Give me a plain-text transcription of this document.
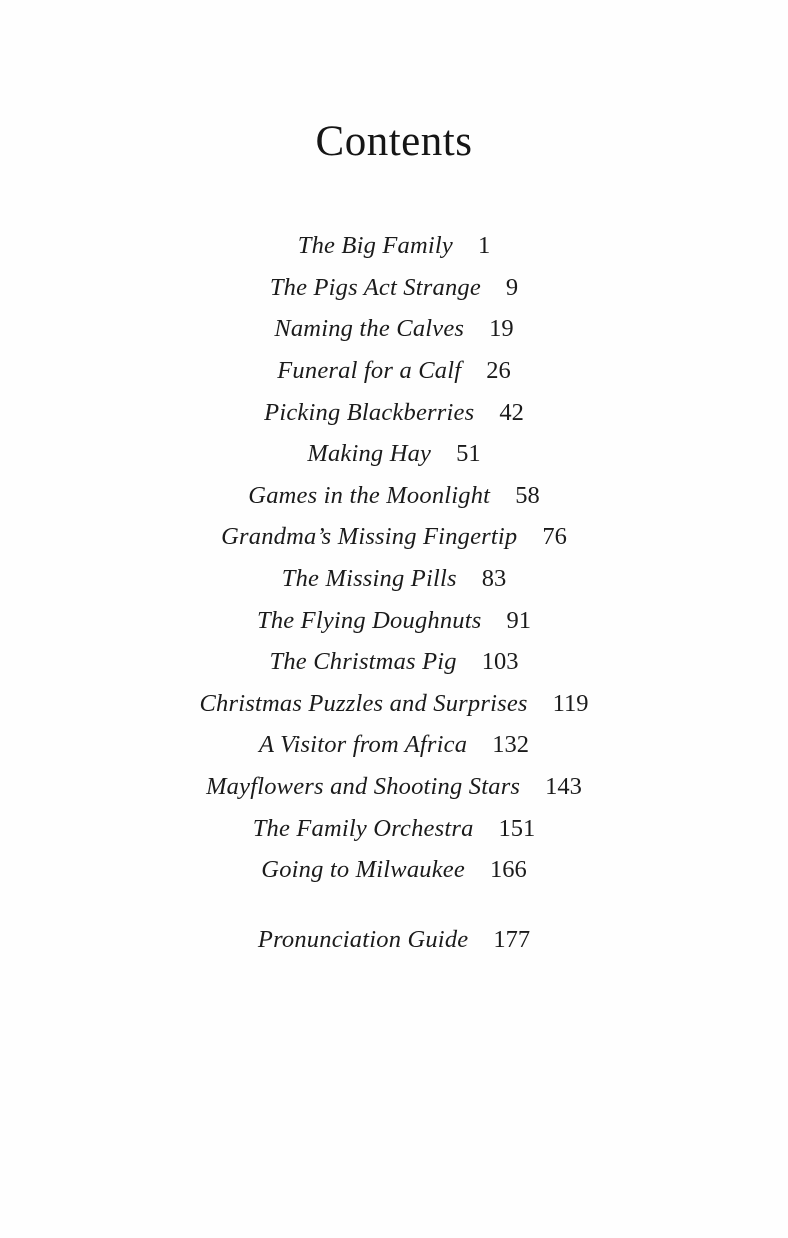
Contents
The Big Family 1
The Pigs Act Strange 9
Naming the Calves 19
Funeral for a Calf 26
Picking Blackberries 42
Making Hay 51
Games in the Moonlight 58
Grandma’s Missing Fingertip 76
The Missing Pills 83
The Flying Doughnuts 91
The Christmas Pig 103
Christmas Puzzles and Surprises 119
A Visitor from Africa 132
Mayflowers and Shooting Stars 143
The Family Orchestra 151
Going to Milwaukee 166
Pronunciation Guide 177
